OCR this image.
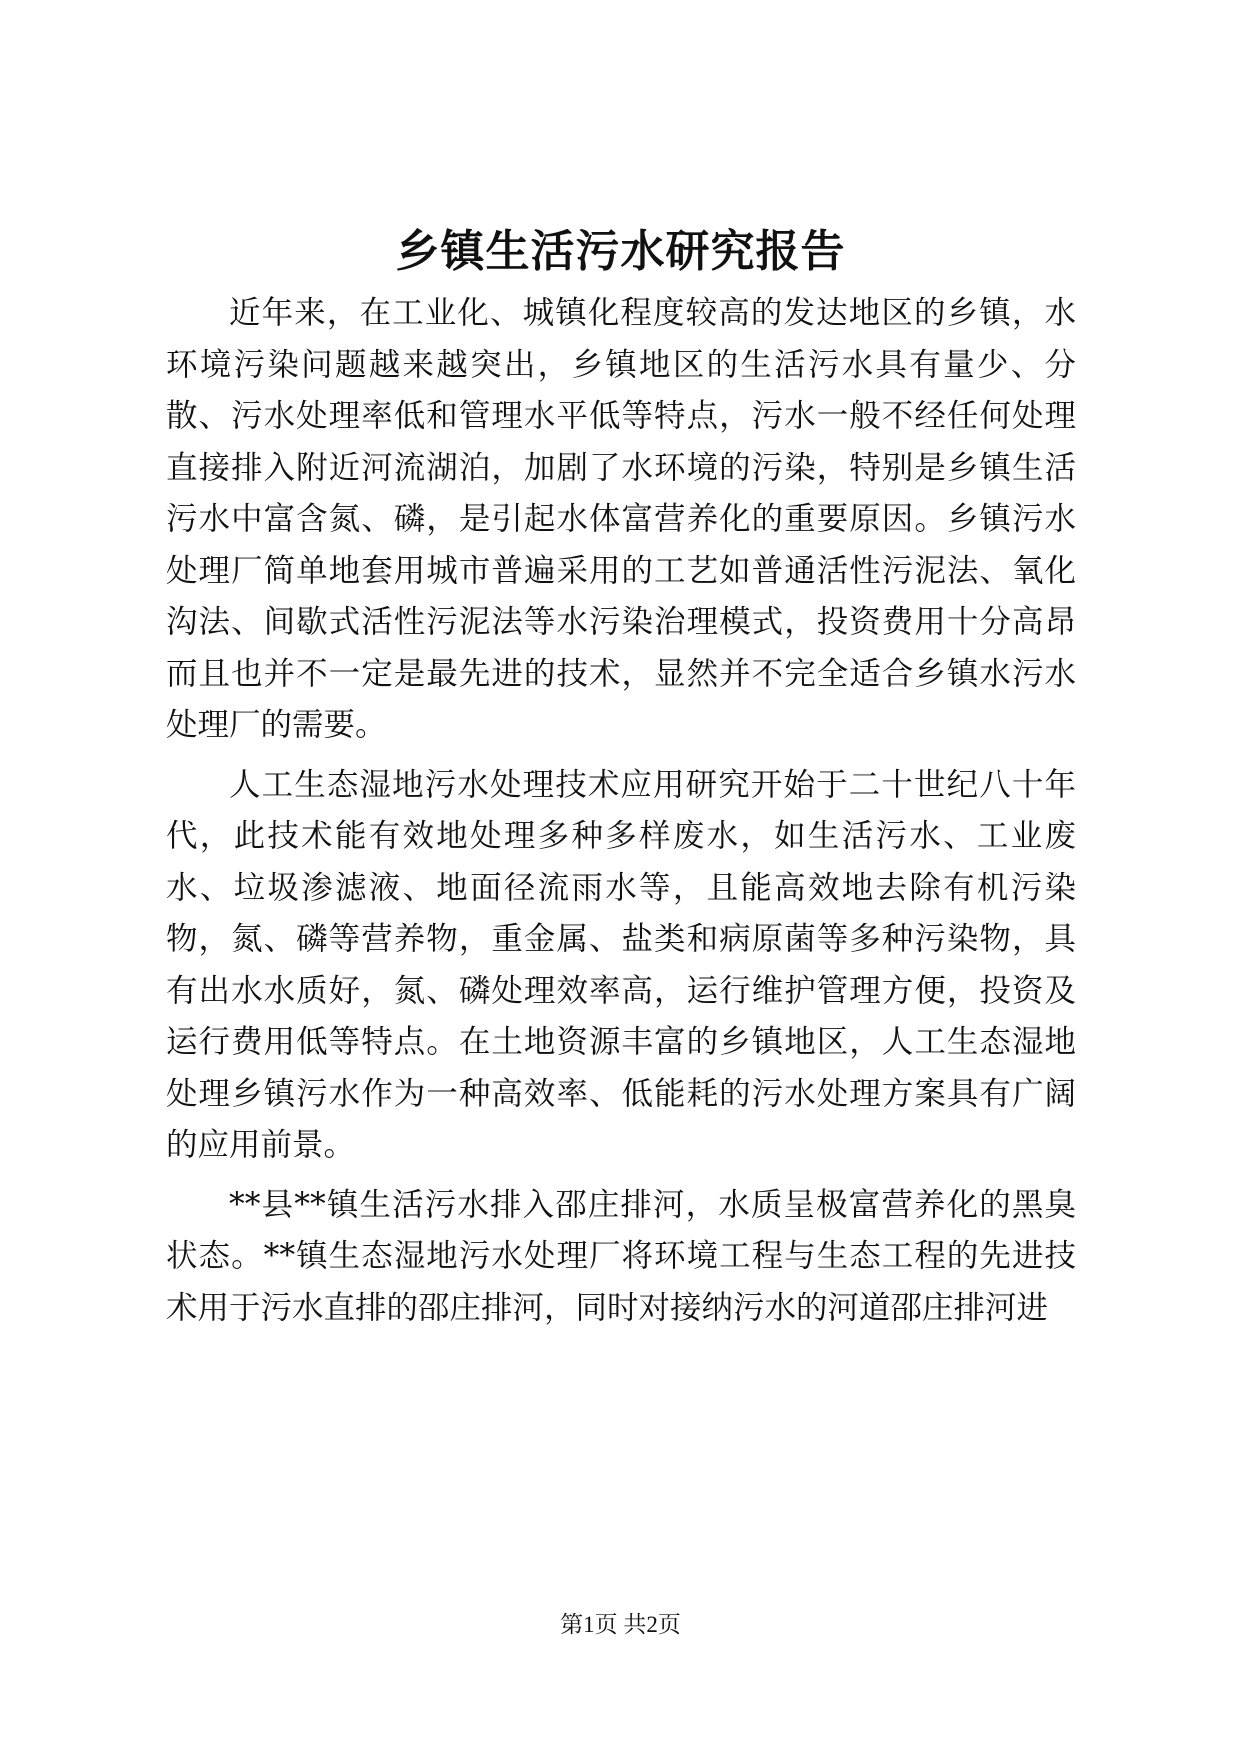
乡镇生活污水研究报告

近年来，在工业化、城镇化程度较高的发达地区的乡镇，水环境污染问题越来越突出，乡镇地区的生活污水具有量少、分散、污水处理率低和管理水平低等特点，污水一般不经任何处理直接排入附近河流湖泊，加剧了水环境的污染，特别是乡镇生活污水中富含氮、磷，是引起水体富营养化的重要原因。乡镇污水处理厂简单地套用城市普遍采用的工艺如普通活性污泥法、氧化沟法、间歇式活性污泥法等水污染治理模式，投资费用十分高昂而且也并不一定是最先进的技术，显然并不完全适合乡镇水污水处理厂的需要。

人工生态湿地污水处理技术应用研究开始于二十世纪八十年代，此技术能有效地处理多种多样废水，如生活污水、工业废水、垃圾渗滤液、地面径流雨水等，且能高效地去除有机污染物，氮、磷等营养物，重金属、盐类和病原菌等多种污染物，具有出水水质好，氮、磷处理效率高，运行维护管理方便，投资及运行费用低等特点。在土地资源丰富的乡镇地区，人工生态湿地处理乡镇污水作为一种高效率、低能耗的污水处理方案具有广阔的应用前景。

**县**镇生活污水排入邵庄排河，水质呈极富营养化的黑臭状态。**镇生态湿地污水处理厂将环境工程与生态工程的先进技术用于污水直排的邵庄排河，同时对接纳污水的河道邵庄排河进

第1页 共2页
